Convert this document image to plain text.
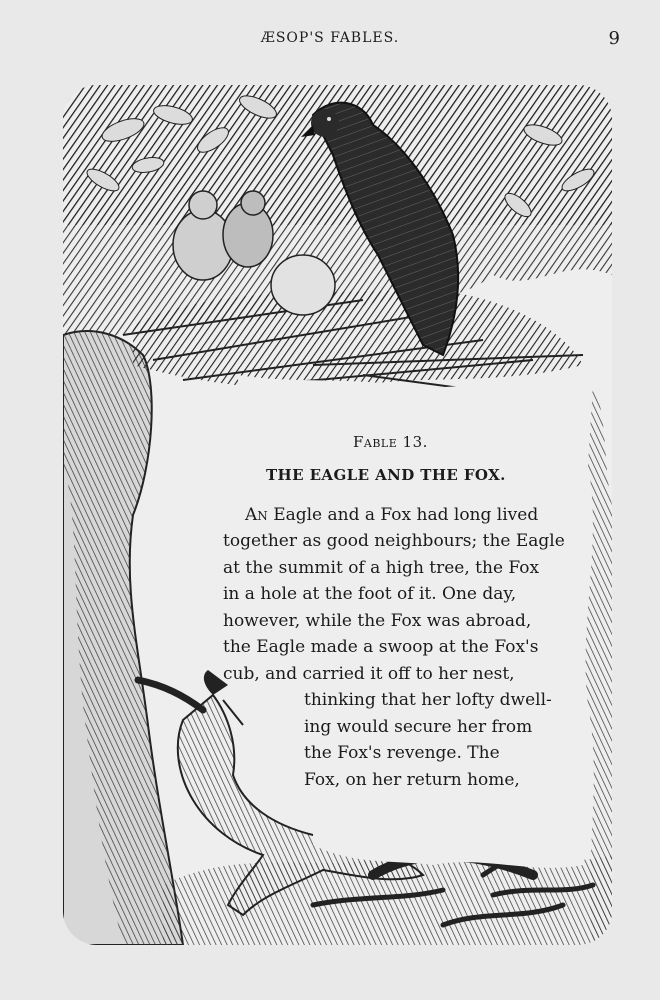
ÆSOP'S FABLES.	9
Fable 13.
THE EAGLE AND THE FOX.
An Eagle and a Fox had long lived
together as good neighbours; the Eagle
at the summit of a high tree, the Fox
in a hole at the foot of it. One day,
however, while the Fox was abroad,
the Eagle made a swoop at the Fox's
cub, and carried it off to her nest,
thinking that her lofty dwell-
ing would secure her from
the Fox's revenge. The
Fox, on her return home,
